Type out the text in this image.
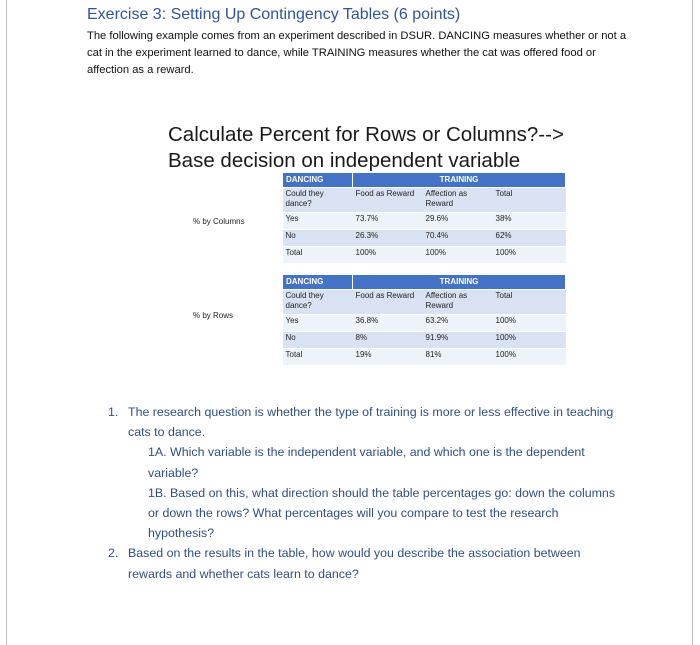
Exercise 3: Setting Up Contingency Tables (6 points)
The following example comes from an experiment described in DSUR. DANCING measures whether or not a cat in the experiment learned to dance, while TRAINING measures whether the cat was offered food or affection as a reward.
Calculate Percent for Rows or Columns?-->
Base decision on independent variable
% by Columns
DANCING	TRAINING		
Could they dance?	Food as Reward	Affection as Reward	Total
Yes	73.7%	29.6%	38%
No	26.3%	70.4%	62%
Total	100%	100%	100%
% by Rows
DANCING	TRAINING		
Could they dance?	Food as Reward	Affection as Reward	Total
Yes	36.8%	63.2%	100%
No	8%	91.9%	100%
Total	19%	81%	100%
1. The research question is whether the type of training is more or less effective in teaching cats to dance.
1A. Which variable is the independent variable, and which one is the dependent variable?
1B. Based on this, what direction should the table percentages go: down the columns or down the rows? What percentages will you compare to test the research hypothesis?
2. Based on the results in the table, how would you describe the association between rewards and whether cats learn to dance?
